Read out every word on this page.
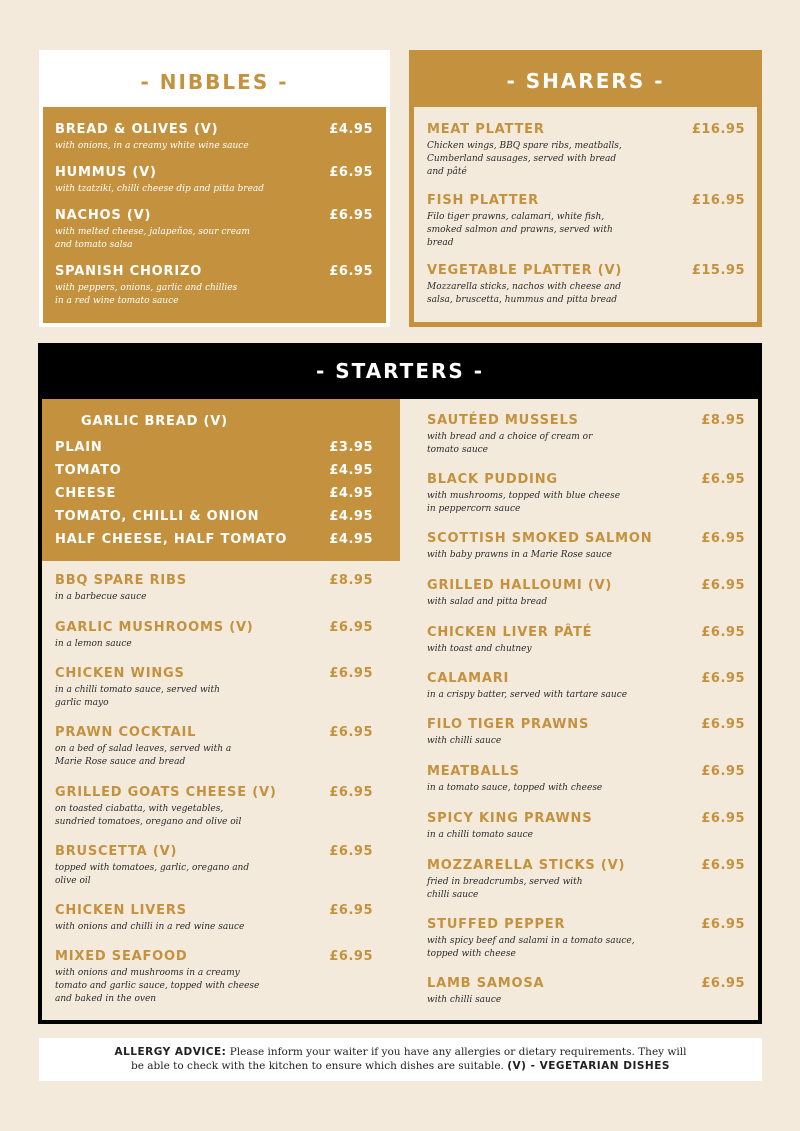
- NIBBLES -
BREAD & OLIVES (V)	£4.95
with onions, in a creamy white wine sauce
HUMMUS (V)	£6.95
with tzatziki, chilli cheese dip and pitta bread
NACHOS (V)	£6.95
with melted cheese, jalapeños, sour cream and tomato salsa
SPANISH CHORIZO	£6.95
with peppers, onions, garlic and chillies in a red wine tomato sauce
- SHARERS -
MEAT PLATTER	£16.95
Chicken wings, BBQ spare ribs, meatballs, Cumberland sausages, served with bread and pâté
FISH PLATTER	£16.95
Filo tiger prawns, calamari, white fish, smoked salmon and prawns, served with bread
VEGETABLE PLATTER (V)	£15.95
Mozzarella sticks, nachos with cheese and salsa, bruscetta, hummus and pitta bread
- STARTERS -
GARLIC BREAD (V)
PLAIN	£3.95
TOMATO	£4.95
CHEESE	£4.95
TOMATO, CHILLI & ONION	£4.95
HALF CHEESE, HALF TOMATO	£4.95
BBQ SPARE RIBS	£8.95
in a barbecue sauce
GARLIC MUSHROOMS (V)	£6.95
in a lemon sauce
CHICKEN WINGS	£6.95
in a chilli tomato sauce, served with garlic mayo
PRAWN COCKTAIL	£6.95
on a bed of salad leaves, served with a Marie Rose sauce and bread
GRILLED GOATS CHEESE (V)	£6.95
on toasted ciabatta, with vegetables, sundried tomatoes, oregano and olive oil
BRUSCETTA (V)	£6.95
topped with tomatoes, garlic, oregano and olive oil
CHICKEN LIVERS	£6.95
with onions and chilli in a red wine sauce
MIXED SEAFOOD	£6.95
with onions and mushrooms in a creamy tomato and garlic sauce, topped with cheese and baked in the oven
SAUTÉED MUSSELS	£8.95
with bread and a choice of cream or tomato sauce
BLACK PUDDING	£6.95
with mushrooms, topped with blue cheese in peppercorn sauce
SCOTTISH SMOKED SALMON	£6.95
with baby prawns in a Marie Rose sauce
GRILLED HALLOUMI (V)	£6.95
with salad and pitta bread
CHICKEN LIVER PÂTÉ	£6.95
with toast and chutney
CALAMARI	£6.95
in a crispy batter, served with tartare sauce
FILO TIGER PRAWNS	£6.95
with chilli sauce
MEATBALLS	£6.95
in a tomato sauce, topped with cheese
SPICY KING PRAWNS	£6.95
in a chilli tomato sauce
MOZZARELLA STICKS (V)	£6.95
fried in breadcrumbs, served with chilli sauce
STUFFED PEPPER	£6.95
with spicy beef and salami in a tomato sauce, topped with cheese
LAMB SAMOSA	£6.95
with chilli sauce
ALLERGY ADVICE: Please inform your waiter if you have any allergies or dietary requirements. They will
be able to check with the kitchen to ensure which dishes are suitable. (V) - VEGETARIAN DISHES
